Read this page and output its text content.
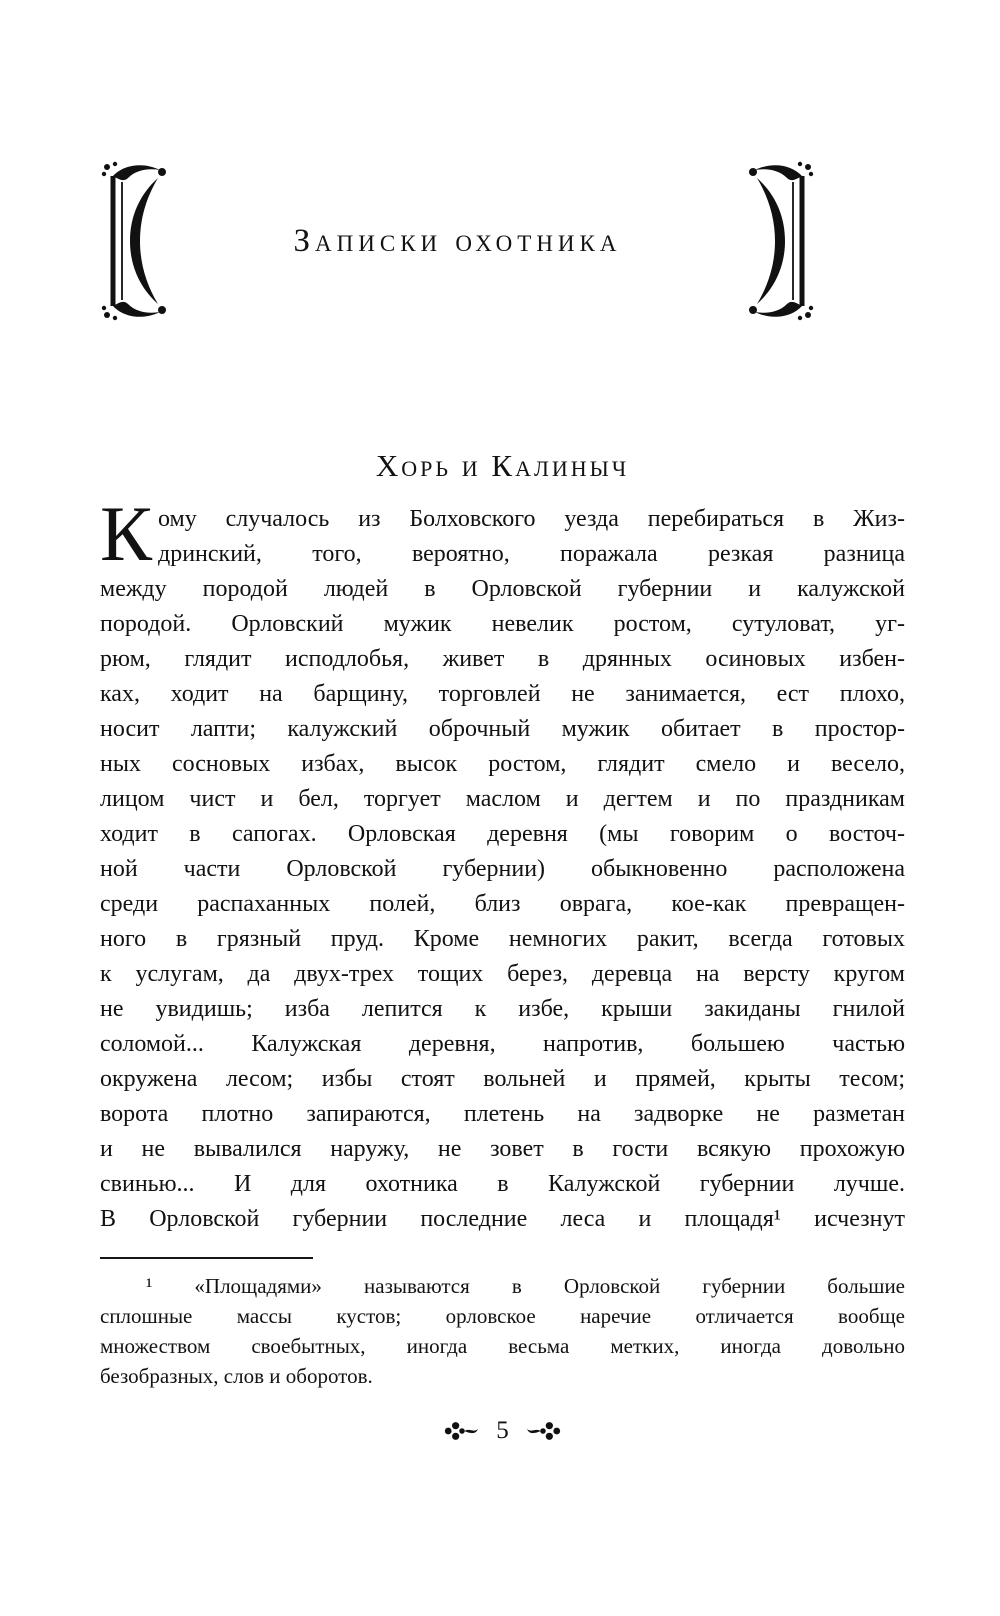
Записки охотника
Хорь и Калиныч
К ому случалось из Болховского уезда перебираться в Жиз-
дринский, того, вероятно, поражала резкая разница
между породой людей в Орловской губернии и калужской
породой. Орловский мужик невелик ростом, сутуловат, уг-
рюм, глядит исподлобья, живет в дрянных осиновых избен-
ках, ходит на барщину, торговлей не занимается, ест плохо,
носит лапти; калужский оброчный мужик обитает в простор-
ных сосновых избах, высок ростом, глядит смело и весело,
лицом чист и бел, торгует маслом и дегтем и по праздникам
ходит в сапогах. Орловская деревня (мы говорим о восточ-
ной части Орловской губернии) обыкновенно расположена
среди распаханных полей, близ оврага, кое-как превращен-
ного в грязный пруд. Кроме немногих ракит, всегда готовых
к услугам, да двух-трех тощих берез, деревца на версту кругом
не увидишь; изба лепится к избе, крыши закиданы гнилой
соломой... Калужская деревня, напротив, большею частью
окружена лесом; избы стоят вольней и прямей, крыты тесом;
ворота плотно запираются, плетень на задворке не разметан
и не вывалился наружу, не зовет в гости всякую прохожую
свинью... И для охотника в Калужской губернии лучше.
В Орловской губернии последние леса и площадя¹ исчезнут
¹ «Площадями» называются в Орловской губернии большие
сплошные массы кустов; орловское наречие отличается вообще
множеством своебытных, иногда весьма метких, иногда довольно
безобразных, слов и оборотов.
5
